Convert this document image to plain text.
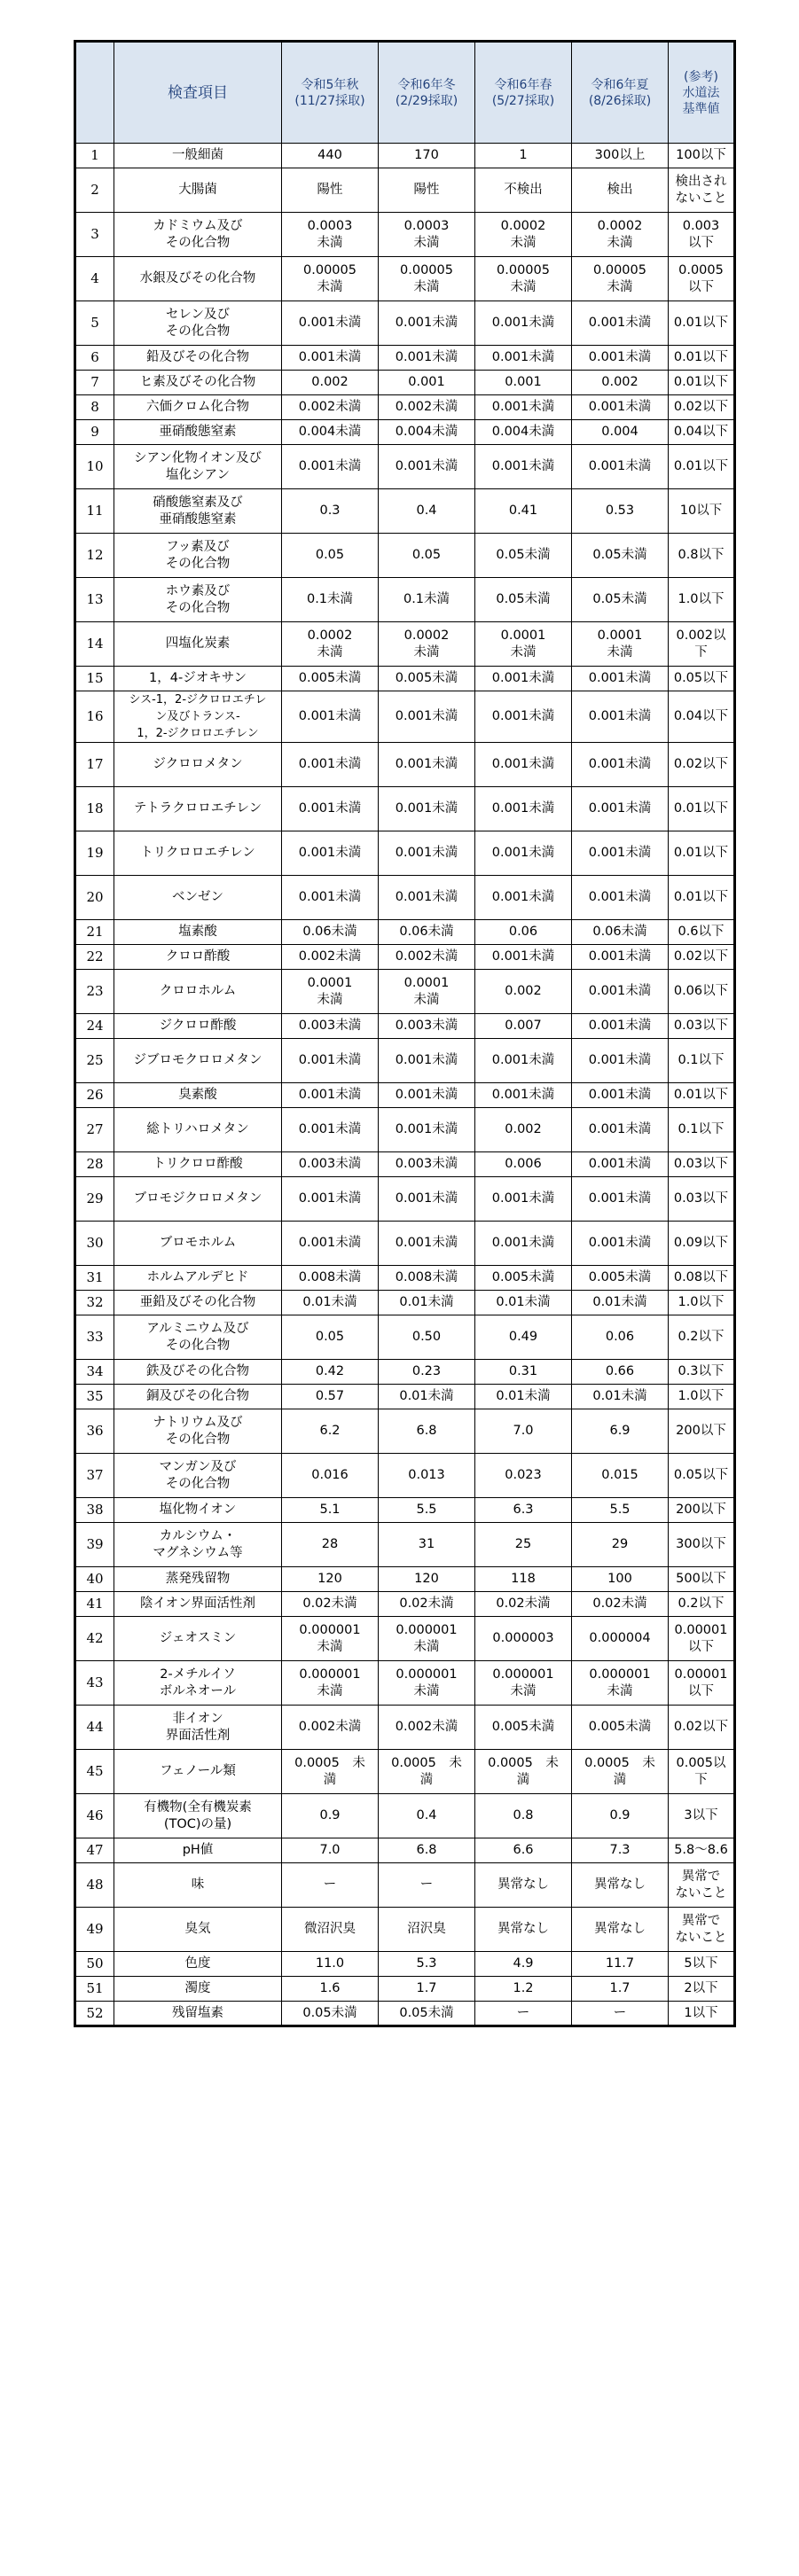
	検査項目	令和5年秋
(11/27採取)	令和6年冬
(2/29採取)	令和6年春
(5/27採取)	令和6年夏
(8/26採取)	(参考)
水道法
基準値
1	一般細菌	440	170	1	300以上	100以下
2	大腸菌	陽性	陽性	不検出	検出	検出され
ないこと
3	カドミウム及び
その化合物	0.0003
未満	0.0003
未満	0.0002
未満	0.0002
未満	0.003
以下
4	水銀及びその化合物	0.00005
未満	0.00005
未満	0.00005
未満	0.00005
未満	0.0005
以下
5	セレン及び
その化合物	0.001未満	0.001未満	0.001未満	0.001未満	0.01以下
6	鉛及びその化合物	0.001未満	0.001未満	0.001未満	0.001未満	0.01以下
7	ヒ素及びその化合物	0.002	0.001	0.001	0.002	0.01以下
8	六価クロム化合物	0.002未満	0.002未満	0.001未満	0.001未満	0.02以下
9	亜硝酸態窒素	0.004未満	0.004未満	0.004未満	0.004	0.04以下
10	シアン化物イオン及び
塩化シアン	0.001未満	0.001未満	0.001未満	0.001未満	0.01以下
11	硝酸態窒素及び
亜硝酸態窒素	0.3	0.4	0.41	0.53	10以下
12	フッ素及び
その化合物	0.05	0.05	0.05未満	0.05未満	0.8以下
13	ホウ素及び
その化合物	0.1未満	0.1未満	0.05未満	0.05未満	1.0以下
14	四塩化炭素	0.0002
未満	0.0002
未満	0.0001
未満	0.0001
未満	0.002以下
15	1，4-ジオキサン	0.005未満	0.005未満	0.001未満	0.001未満	0.05以下
16	シス-1，2-ジクロロエチレ
ン及びトランス-
1，2-ジクロロエチレン	0.001未満	0.001未満	0.001未満	0.001未満	0.04以下
17	ジクロロメタン	0.001未満	0.001未満	0.001未満	0.001未満	0.02以下
18	テトラクロロエチレン	0.001未満	0.001未満	0.001未満	0.001未満	0.01以下
19	トリクロロエチレン	0.001未満	0.001未満	0.001未満	0.001未満	0.01以下
20	ベンゼン	0.001未満	0.001未満	0.001未満	0.001未満	0.01以下
21	塩素酸	0.06未満	0.06未満	0.06	0.06未満	0.6以下
22	クロロ酢酸	0.002未満	0.002未満	0.001未満	0.001未満	0.02以下
23	クロロホルム	0.0001
未満	0.0001
未満	0.002	0.001未満	0.06以下
24	ジクロロ酢酸	0.003未満	0.003未満	0.007	0.001未満	0.03以下
25	ジブロモクロロメタン	0.001未満	0.001未満	0.001未満	0.001未満	0.1以下
26	臭素酸	0.001未満	0.001未満	0.001未満	0.001未満	0.01以下
27	総トリハロメタン	0.001未満	0.001未満	0.002	0.001未満	0.1以下
28	トリクロロ酢酸	0.003未満	0.003未満	0.006	0.001未満	0.03以下
29	ブロモジクロロメタン	0.001未満	0.001未満	0.001未満	0.001未満	0.03以下
30	ブロモホルム	0.001未満	0.001未満	0.001未満	0.001未満	0.09以下
31	ホルムアルデヒド	0.008未満	0.008未満	0.005未満	0.005未満	0.08以下
32	亜鉛及びその化合物	0.01未満	0.01未満	0.01未満	0.01未満	1.0以下
33	アルミニウム及び
その化合物	0.05	0.50	0.49	0.06	0.2以下
34	鉄及びその化合物	0.42	0.23	0.31	0.66	0.3以下
35	銅及びその化合物	0.57	0.01未満	0.01未満	0.01未満	1.0以下
36	ナトリウム及び
その化合物	6.2	6.8	7.0	6.9	200以下
37	マンガン及び
その化合物	0.016	0.013	0.023	0.015	0.05以下
38	塩化物イオン	5.1	5.5	6.3	5.5	200以下
39	カルシウム・
マグネシウム等	28	31	25	29	300以下
40	蒸発残留物	120	120	118	100	500以下
41	陰イオン界面活性剤	0.02未満	0.02未満	0.02未満	0.02未満	0.2以下
42	ジェオスミン	0.000001
未満	0.000001
未満	0.000003	0.000004	0.00001
以下
43	2-メチルイソ
ボルネオール	0.000001
未満	0.000001
未満	0.000001
未満	0.000001
未満	0.00001
以下
44	非イオン
界面活性剤	0.002未満	0.002未満	0.005未満	0.005未満	0.02以下
45	フェノール類	0.0005　未
満	0.0005　未
満	0.0005　未
満	0.0005　未
満	0.005以下
46	有機物(全有機炭素
(TOC)の量)	0.9	0.4	0.8	0.9	3以下
47	pH値	7.0	6.8	6.6	7.3	5.8～8.6
48	味	ー	ー	異常なし	異常なし	異常で
ないこと
49	臭気	微沼沢臭	沼沢臭	異常なし	異常なし	異常で
ないこと
50	色度	11.0	5.3	4.9	11.7	5以下
51	濁度	1.6	1.7	1.2	1.7	2以下
52	残留塩素	0.05未満	0.05未満	ー	ー	1以下
